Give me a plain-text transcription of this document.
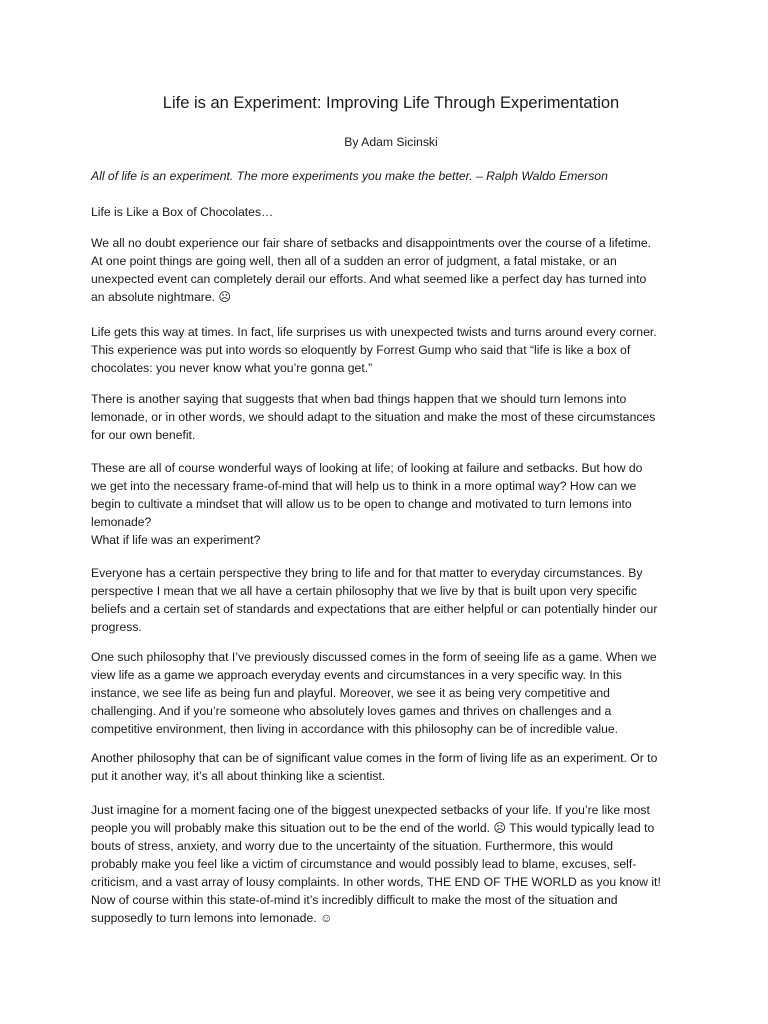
Life is an Experiment: Improving Life Through Experimentation

By Adam Sicinski

All of life is an experiment. The more experiments you make the better. – Ralph Waldo Emerson

Life is Like a Box of Chocolates…

We all no doubt experience our fair share of setbacks and disappointments over the course of a lifetime.
At one point things are going well, then all of a sudden an error of judgment, a fatal mistake, or an
unexpected event can completely derail our efforts. And what seemed like a perfect day has turned into
an absolute nightmare. ☹
Life gets this way at times. In fact, life surprises us with unexpected twists and turns around every corner.
This experience was put into words so eloquently by Forrest Gump who said that “life is like a box of
chocolates: you never know what you’re gonna get.”
There is another saying that suggests that when bad things happen that we should turn lemons into
lemonade, or in other words, we should adapt to the situation and make the most of these circumstances
for our own benefit.
These are all of course wonderful ways of looking at life; of looking at failure and setbacks. But how do
we get into the necessary frame-of-mind that will help us to think in a more optimal way? How can we
begin to cultivate a mindset that will allow us to be open to change and motivated to turn lemons into
lemonade?
What if life was an experiment?
Everyone has a certain perspective they bring to life and for that matter to everyday circumstances. By
perspective I mean that we all have a certain philosophy that we live by that is built upon very specific
beliefs and a certain set of standards and expectations that are either helpful or can potentially hinder our
progress.
One such philosophy that I’ve previously discussed comes in the form of seeing life as a game. When we
view life as a game we approach everyday events and circumstances in a very specific way. In this
instance, we see life as being fun and playful. Moreover, we see it as being very competitive and
challenging. And if you’re someone who absolutely loves games and thrives on challenges and a
competitive environment, then living in accordance with this philosophy can be of incredible value.
Another philosophy that can be of significant value comes in the form of living life as an experiment. Or to
put it another way, it’s all about thinking like a scientist.
Just imagine for a moment facing one of the biggest unexpected setbacks of your life. If you’re like most
people you will probably make this situation out to be the end of the world. ☹ This would typically lead to
bouts of stress, anxiety, and worry due to the uncertainty of the situation. Furthermore, this would
probably make you feel like a victim of circumstance and would possibly lead to blame, excuses, self-
criticism, and a vast array of lousy complaints. In other words, THE END OF THE WORLD as you know it!
Now of course within this state-of-mind it’s incredibly difficult to make the most of the situation and
supposedly to turn lemons into lemonade. ☺
